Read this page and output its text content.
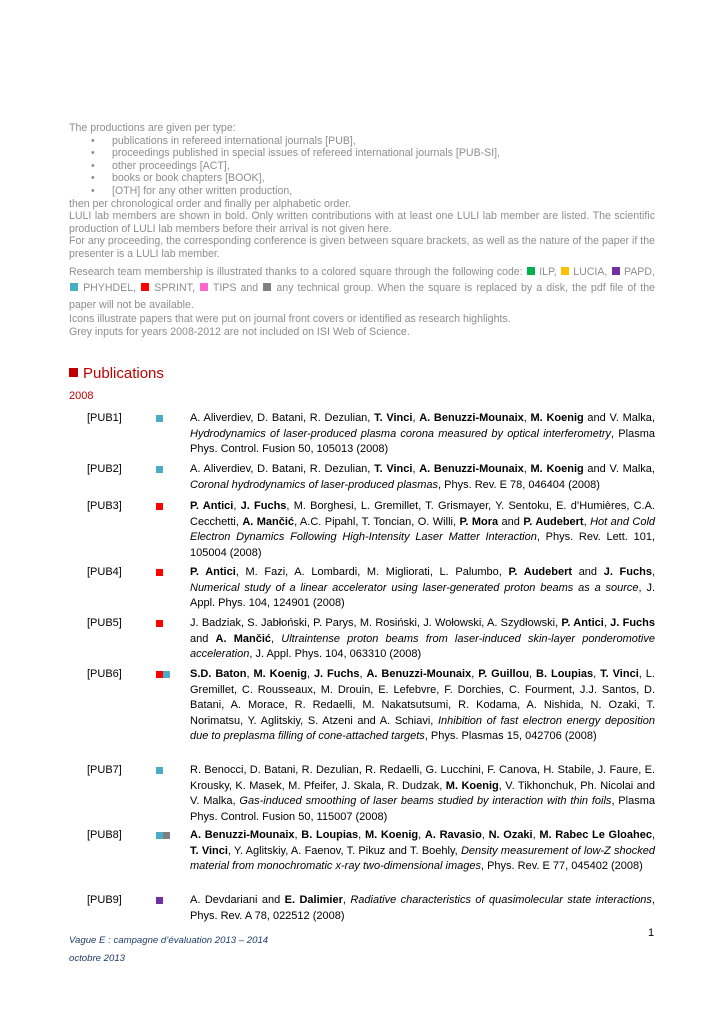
The productions are given per type:

• publications in refereed international journals [PUB],
• proceedings published in special issues of refereed international journals [PUB-SI],
• other proceedings [ACT],
• books or book chapters [BOOK],
• [OTH] for any other written production,

then per chronological order and finally per alphabetic order.

LULI lab members are shown in bold. Only written contributions with at least one LULI lab member are listed. The scientific production of LULI lab members before their arrival is not given here.

For any proceeding, the corresponding conference is given between square brackets, as well as the nature of the paper if the presenter is a LULI lab member.

Research team membership is illustrated thanks to a colored square through the following code: ILP, LUCIA, PAPD,  PHYHDEL, SPRINT, TIPS and any technical group. When the square is replaced by a disk, the pdf file of the paper will not be available.

Icons illustrate papers that were put on journal front covers or identified as research highlights.

Grey inputs for years 2008-2012 are not included on ISI Web of Science.

Publications
2008
[PUB1]	A. Aliverdiev, D. Batani, R. Dezulian, T. Vinci, A. Benuzzi-Mounaix, M. Koenig and V. Malka, Hydrodynamics of laser-produced plasma corona measured by optical interferometry, Plasma Phys. Control. Fusion 50, 105013 (2008)
[PUB2]	A. Aliverdiev, D. Batani, R. Dezulian, T. Vinci, A. Benuzzi-Mounaix, M. Koenig and V. Malka, Coronal hydrodynamics of laser-produced plasmas, Phys. Rev. E 78, 046404 (2008)
[PUB3]	P. Antici, J. Fuchs, M. Borghesi, L. Gremillet, T. Grismayer, Y. Sentoku, E. d’Humières, C.A. Cecchetti, A. Mančić, A.C. Pipahl, T. Toncian, O. Willi, P. Mora and P. Audebert, Hot and Cold Electron Dynamics Following High-Intensity Laser Matter Interaction, Phys. Rev. Lett. 101, 105004 (2008)
[PUB4]	P. Antici, M. Fazi, A. Lombardi, M. Migliorati, L. Palumbo, P. Audebert and J. Fuchs, Numerical study of a linear accelerator using laser-generated proton beams as a source, J. Appl. Phys. 104, 124901 (2008)
[PUB5]	J. Badziak, S. Jabłoński, P. Parys, M. Rosiński, J. Wołowski, A. Szydłowski, P. Antici, J. Fuchs and A. Mančić, Ultraintense proton beams from laser-induced skin-layer ponderomotive acceleration, J. Appl. Phys. 104, 063310 (2008)
[PUB6]	S.D. Baton, M. Koenig, J. Fuchs, A. Benuzzi-Mounaix, P. Guillou, B. Loupias, T. Vinci, L. Gremillet, C. Rousseaux, M. Drouin, E. Lefebvre, F. Dorchies, C. Fourment, J.J. Santos, D. Batani, A. Morace, R. Redaelli, M. Nakatsutsumi, R. Kodama, A. Nishida, N. Ozaki, T. Norimatsu, Y. Aglitskiy, S. Atzeni and A. Schiavi, Inhibition of fast electron energy deposition due to preplasma filling of cone-attached targets, Phys. Plasmas 15, 042706 (2008)
[PUB7]	R. Benocci, D. Batani, R. Dezulian, R. Redaelli, G. Lucchini, F. Canova, H. Stabile, J. Faure, E. Krousky, K. Masek, M. Pfeifer, J. Skala, R. Dudzak, M. Koenig, V. Tikhonchuk, Ph. Nicolai and V. Malka, Gas-induced smoothing of laser beams studied by interaction with thin foils, Plasma Phys. Control. Fusion 50, 115007 (2008)
[PUB8]	A. Benuzzi-Mounaix, B. Loupias, M. Koenig, A. Ravasio, N. Ozaki, M. Rabec Le Gloahec, T. Vinci, Y. Aglitskiy, A. Faenov, T. Pikuz and T. Boehly, Density measurement of low-Z shocked material from monochromatic x-ray two-dimensional images, Phys. Rev. E 77, 045402 (2008)
[PUB9]	A. Devdariani and E. Dalimier, Radiative characteristics of quasimolecular state interactions, Phys. Rev. A 78, 022512 (2008)
1
Vague E : campagne d’évaluation 2013 – 2014
octobre 2013
